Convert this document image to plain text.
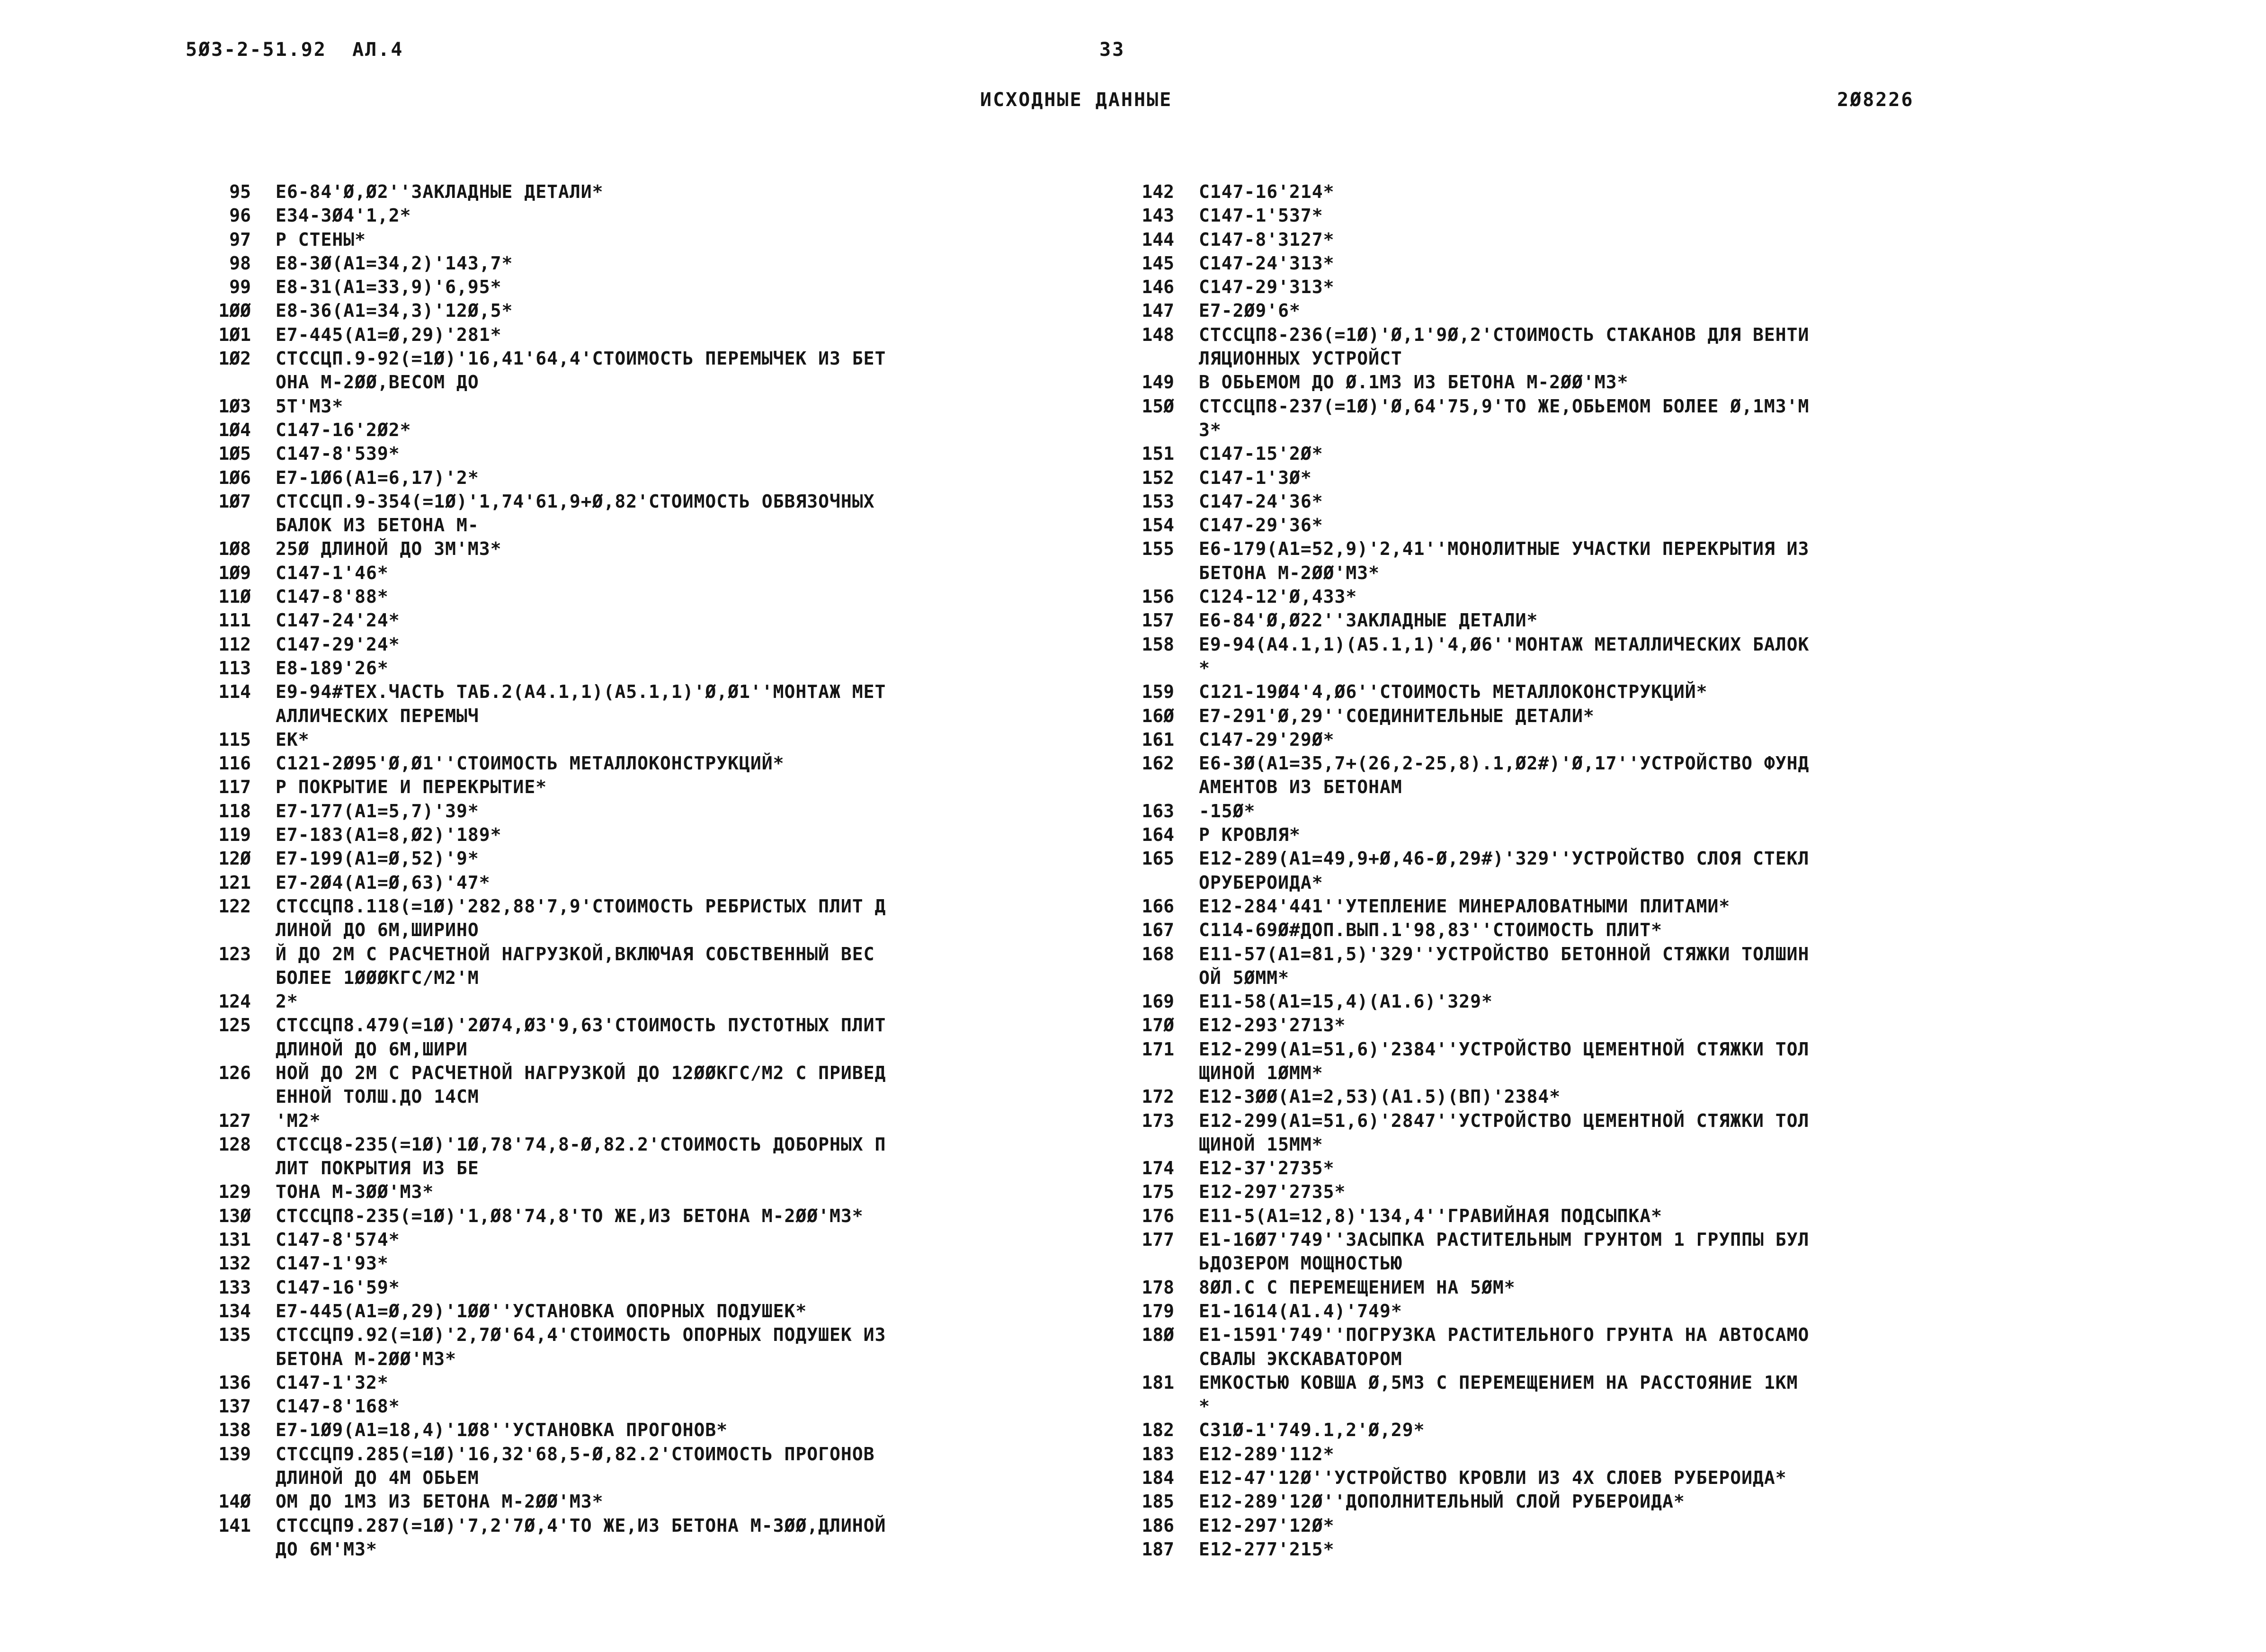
5Ø3-2-51.92  АЛ.4	33
ИСХОДНЫЕ ДАННЫЕ	2Ø8226
95	Е6-84'Ø,Ø2''ЗАКЛАДНЫЕ ДЕТАЛИ*
96	Е34-3Ø4'1,2*
97	Р СТЕНЫ*
98	Е8-3Ø(А1=34,2)'143,7*
99	Е8-31(А1=33,9)'6,95*
1ØØ	Е8-36(А1=34,3)'12Ø,5*
1Ø1	Е7-445(А1=Ø,29)'281*
1Ø2	СТССЦП.9-92(=1Ø)'16,41'64,4'СТОИМОСТЬ ПЕРЕМЫЧЕК ИЗ БЕТ
ОНА М-2ØØ,ВЕСОМ ДО
1Ø3	5Т'М3*
1Ø4	С147-16'2Ø2*
1Ø5	С147-8'539*
1Ø6	Е7-1Ø6(А1=6,17)'2*
1Ø7	СТССЦП.9-354(=1Ø)'1,74'61,9+Ø,82'СТОИМОСТЬ ОБВЯЗОЧНЫХ
БАЛОК ИЗ БЕТОНА М-
1Ø8	25Ø ДЛИНОЙ ДО 3М'М3*
1Ø9	С147-1'46*
11Ø	С147-8'88*
111	С147-24'24*
112	С147-29'24*
113	Е8-189'26*
114	Е9-94#ТЕХ.ЧАСТЬ ТАБ.2(А4.1,1)(А5.1,1)'Ø,Ø1''МОНТАЖ МЕТ
АЛЛИЧЕСКИХ ПЕРЕМЫЧ
115	ЕК*
116	С121-2Ø95'Ø,Ø1''СТОИМОСТЬ МЕТАЛЛОКОНСТРУКЦИЙ*
117	Р ПОКРЫТИЕ И ПЕРЕКРЫТИЕ*
118	Е7-177(А1=5,7)'39*
119	Е7-183(А1=8,Ø2)'189*
12Ø	Е7-199(А1=Ø,52)'9*
121	Е7-2Ø4(А1=Ø,63)'47*
122	СТССЦП8.118(=1Ø)'282,88'7,9'СТОИМОСТЬ РЕБРИСТЫХ ПЛИТ Д
ЛИНОЙ ДО 6М,ШИРИНО
123	Й ДО 2М С РАСЧЕТНОЙ НАГРУЗКОЙ,ВКЛЮЧАЯ СОБСТВЕННЫЙ ВЕС
БОЛЕЕ 1ØØØКГС/М2'М
124	2*
125	СТССЦП8.479(=1Ø)'2Ø74,Ø3'9,63'СТОИМОСТЬ ПУСТОТНЫХ ПЛИТ
ДЛИНОЙ ДО 6М,ШИРИ
126	НОЙ ДО 2М С РАСЧЕТНОЙ НАГРУЗКОЙ ДО 12ØØКГС/М2 С ПРИВЕД
ЕННОЙ ТОЛШ.ДО 14СМ
127	'М2*
128	СТССЦ8-235(=1Ø)'1Ø,78'74,8-Ø,82.2'СТОИМОСТЬ ДОБОРНЫХ П
ЛИТ ПОКРЫТИЯ ИЗ БЕ
129	ТОНА М-3ØØ'М3*
13Ø	СТССЦП8-235(=1Ø)'1,Ø8'74,8'ТО ЖЕ,ИЗ БЕТОНА М-2ØØ'М3*
131	С147-8'574*
132	С147-1'93*
133	С147-16'59*
134	Е7-445(А1=Ø,29)'1ØØ''УСТАНОВКА ОПОРНЫХ ПОДУШЕК*
135	СТССЦП9.92(=1Ø)'2,7Ø'64,4'СТОИМОСТЬ ОПОРНЫХ ПОДУШЕК ИЗ
БЕТОНА М-2ØØ'М3*
136	С147-1'32*
137	С147-8'168*
138	Е7-1Ø9(А1=18,4)'1Ø8''УСТАНОВКА ПРОГОНОВ*
139	СТССЦП9.285(=1Ø)'16,32'68,5-Ø,82.2'СТОИМОСТЬ ПРОГОНОВ
ДЛИНОЙ ДО 4М ОБЬЕМ
14Ø	ОМ ДО 1М3 ИЗ БЕТОНА М-2ØØ'М3*
141	СТССЦП9.287(=1Ø)'7,2'7Ø,4'ТО ЖЕ,ИЗ БЕТОНА М-3ØØ,ДЛИНОЙ
ДО 6М'М3*
142	С147-16'214*
143	С147-1'537*
144	С147-8'3127*
145	С147-24'313*
146	С147-29'313*
147	Е7-2Ø9'6*
148	СТССЦП8-236(=1Ø)'Ø,1'9Ø,2'СТОИМОСТЬ СТАКАНОВ ДЛЯ ВЕНТИ
ЛЯЦИОННЫХ УСТРОЙСТ
149	В ОБЬЕМОМ ДО Ø.1М3 ИЗ БЕТОНА М-2ØØ'М3*
15Ø	СТССЦП8-237(=1Ø)'Ø,64'75,9'ТО ЖЕ,ОБЬЕМОМ БОЛЕЕ Ø,1М3'М
3*
151	С147-15'2Ø*
152	С147-1'3Ø*
153	С147-24'36*
154	С147-29'36*
155	Е6-179(А1=52,9)'2,41''МОНОЛИТНЫЕ УЧАСТКИ ПЕРЕКРЫТИЯ ИЗ
БЕТОНА М-2ØØ'М3*
156	С124-12'Ø,433*
157	Е6-84'Ø,Ø22''ЗАКЛАДНЫЕ ДЕТАЛИ*
158	Е9-94(А4.1,1)(А5.1,1)'4,Ø6''МОНТАЖ МЕТАЛЛИЧЕСКИХ БАЛОК
*
159	С121-19Ø4'4,Ø6''СТОИМОСТЬ МЕТАЛЛОКОНСТРУКЦИЙ*
16Ø	Е7-291'Ø,29''СОЕДИНИТЕЛЬНЫЕ ДЕТАЛИ*
161	С147-29'29Ø*
162	Е6-3Ø(А1=35,7+(26,2-25,8).1,Ø2#)'Ø,17''УСТРОЙСТВО ФУНД
АМЕНТОВ ИЗ БЕТОНАМ
163	-15Ø*
164	Р КРОВЛЯ*
165	Е12-289(А1=49,9+Ø,46-Ø,29#)'329''УСТРОЙСТВО СЛОЯ СТЕКЛ
ОРУБЕРОИДА*
166	Е12-284'441''УТЕПЛЕНИЕ МИНЕРАЛОВАТНЫМИ ПЛИТАМИ*
167	С114-69Ø#ДОП.ВЫП.1'98,83''СТОИМОСТЬ ПЛИТ*
168	Е11-57(А1=81,5)'329''УСТРОЙСТВО БЕТОННОЙ СТЯЖКИ ТОЛШИН
ОЙ 5ØММ*
169	Е11-58(А1=15,4)(А1.6)'329*
17Ø	Е12-293'2713*
171	Е12-299(А1=51,6)'2384''УСТРОЙСТВО ЦЕМЕНТНОЙ СТЯЖКИ ТОЛ
ЩИНОЙ 1ØММ*
172	Е12-3ØØ(А1=2,53)(А1.5)(ВП)'2384*
173	Е12-299(А1=51,6)'2847''УСТРОЙСТВО ЦЕМЕНТНОЙ СТЯЖКИ ТОЛ
ЩИНОЙ 15ММ*
174	Е12-37'2735*
175	Е12-297'2735*
176	Е11-5(А1=12,8)'134,4''ГРАВИЙНАЯ ПОДСЫПКА*
177	Е1-16Ø7'749''ЗАСЫПКА РАСТИТЕЛЬНЫМ ГРУНТОМ 1 ГРУППЫ БУЛ
ЬДОЗЕРОМ МОЩНОСТЬЮ
178	8ØЛ.С С ПЕРЕМЕЩЕНИЕМ НА 5ØМ*
179	Е1-1614(А1.4)'749*
18Ø	Е1-1591'749''ПОГРУЗКА РАСТИТЕЛЬНОГО ГРУНТА НА АВТОСАМО
СВАЛЫ ЭКСКАВАТОРОМ
181	ЕМКОСТЬЮ КОВША Ø,5М3 С ПЕРЕМЕЩЕНИЕМ НА РАССТОЯНИЕ 1КМ
*
182	С31Ø-1'749.1,2'Ø,29*
183	Е12-289'112*
184	Е12-47'12Ø''УСТРОЙСТВО КРОВЛИ ИЗ 4Х СЛОЕВ РУБЕРОИДА*
185	Е12-289'12Ø''ДОПОЛНИТЕЛЬНЫЙ СЛОЙ РУБЕРОИДА*
186	Е12-297'12Ø*
187	Е12-277'215*
